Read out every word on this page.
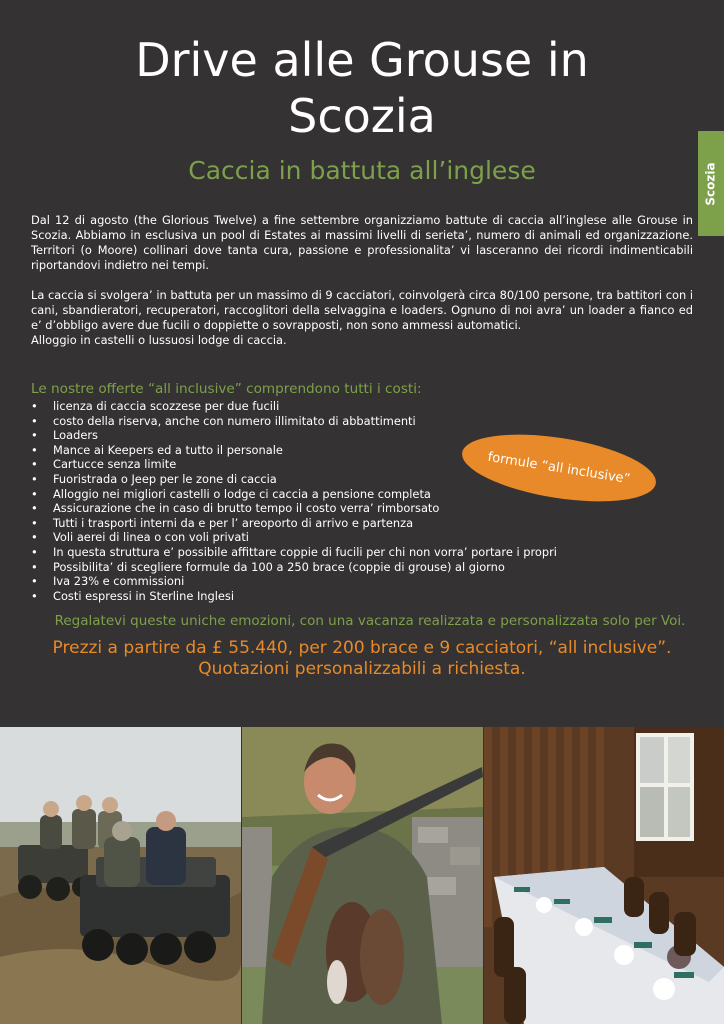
Drive alle Grouse in
Scozia
Caccia in battuta all’inglese	Scozia

Dal 12 di agosto (the Glorious Twelve) a fine settembre organizziamo battute di caccia all’inglese alle Grouse in Scozia. Abbiamo in esclusiva un pool di Estates ai massimi livelli di serieta’, numero di animali ed organizzazione. Territori (o Moore) collinari dove tanta cura, passione e professionalita’ vi lasceranno dei ricordi indimenticabili riportandovi indietro nei tempi.

La caccia si svolgera’ in battuta per un massimo di 9 cacciatori, coinvolgerà circa 80/100 persone, tra battitori con i cani, sbandieratori, recuperatori, raccoglitori della selvaggina e loaders. Ognuno di noi avra’ un loader a fianco ed e’ d’obbligo avere due fucili o doppiette o sovrapposti, non sono ammessi automatici.
Alloggio in castelli o lussuosi lodge di caccia.
Le nostre offerte “all inclusive” comprendono tutti i costi:
• licenza di caccia scozzese per due fucili
• costo della riserva, anche con numero illimitato di abbattimenti
• Loaders
• Mance ai Keepers ed a tutto il personale
• Cartucce senza limite
• Fuoristrada o Jeep per le zone di caccia
• Alloggio nei migliori castelli o lodge ci caccia a pensione completa
• Assicurazione che in caso di brutto tempo il costo verra’ rimborsato
• Tutti i trasporti interni da e per l’ areoporto di arrivo e partenza
• Voli aerei di linea o con voli privati
• In questa struttura e’ possibile affittare coppie di fucili per chi non vorra’ portare i propri
• Possibilita’ di scegliere formule da 100 a 250 brace (coppie di grouse) al giorno
• Iva 23% e commissioni
• Costi espressi in Sterline Inglesi
formule “all inclusive”

Regalatevi queste uniche emozioni, con una vacanza realizzata e personalizzata solo per Voi.

Prezzi a partire da £ 55.440, per 200 brace e 9 cacciatori, “all inclusive”.
Quotazioni personalizzabili a richiesta.
